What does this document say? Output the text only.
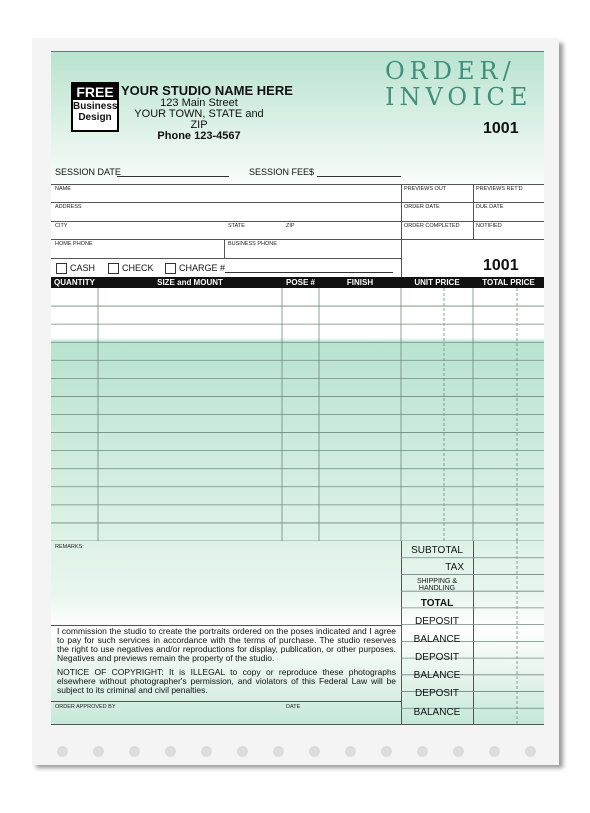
FREE
Business
Design
YOUR STUDIO NAME HERE
123 Main Street
YOUR TOWN, STATE and ZIP
Phone 123-4567
ORDER/
INVOICE
1001
SESSION DATE	SESSION FEE $
NAME
ADDRESS
CITY	STATE	ZIP
HOME PHONE	BUSINESS PHONE
PREVIEWS OUT	PREVIEWS RET'D
ORDER DATE	DUE DATE
ORDER COMPLETED	NOTIFIED
CASH	CHECK	CHARGE #	1001
QUANTITY	SIZE and MOUNT	POSE #	FINISH	UNIT PRICE	TOTAL PRICE
REMARKS:	SUBTOTAL
TAX
SHIPPING &
HANDLING
TOTAL
DEPOSIT
BALANCE
DEPOSIT
BALANCE
DEPOSIT
BALANCE
I commission the studio to create the portraits ordered on the poses indicated and I agree to pay for such services in accordance with the terms of purchase. The studio reserves the right to use negatives and/or reproductions for display, publication, or other purposes. Negatives and previews remain the property of the studio.
NOTICE OF COPYRIGHT: It is ILLEGAL to copy or reproduce these photographs elsewhere without photographer's permission, and violators of this Federal Law will be subject to its criminal and civil penalties.
ORDER APPROVED BY	DATE
